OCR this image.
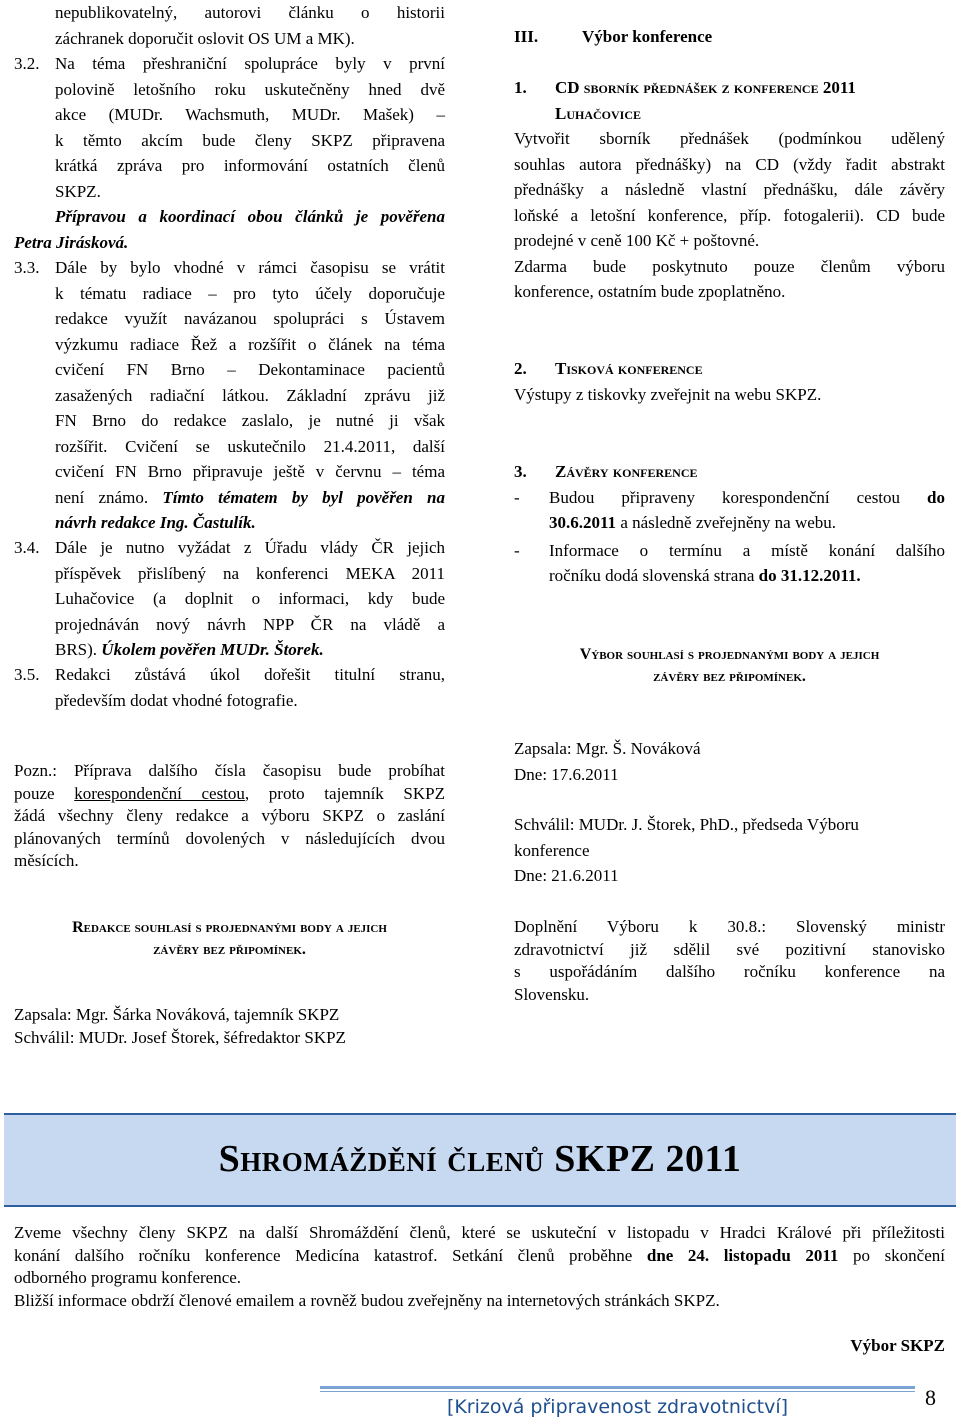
nepublikovatelný, autorovi článku o historii
záchranek doporučit oslovit OS UM a MK).
3.2. Na téma přeshraniční spolupráce byly v první
polovině letošního roku uskutečněny hned dvě
akce (MUDr. Wachsmuth, MUDr. Mašek) –
k těmto akcím bude členy SKPZ připravena
krátká zpráva pro informování ostatních členů
SKPZ.
Přípravou a koordinací obou článků je pověřena
Petra Jirásková.
3.3. Dále by bylo vhodné v rámci časopisu se vrátit
k tématu radiace – pro tyto účely doporučuje
redakce využít navázanou spolupráci s Ústavem
výzkumu radiace Řež a rozšířit o článek na téma
cvičení FN Brno – Dekontaminace pacientů
zasažených radiační látkou. Základní zprávu již
FN Brno do redakce zaslalo, je nutné ji však
rozšířit. Cvičení se uskutečnilo 21.4.2011, další
cvičení FN Brno připravuje ještě v červnu – téma
není známo. Tímto tématem by byl pověřen na
návrh redakce Ing. Častulík.
3.4. Dále je nutno vyžádat z Úřadu vlády ČR jejich
příspěvek přislíbený na konferenci MEKA 2011
Luhačovice (a doplnit o informaci, kdy bude
projednáván nový návrh NPP ČR na vládě a
BRS). Úkolem pověřen MUDr. Štorek.
3.5. Redakci zůstává úkol dořešit titulní stranu,
především dodat vhodné fotografie.
Pozn.: Příprava dalšího čísla časopisu bude probíhat
pouze korespondenční cestou, proto tajemník SKPZ
žádá všechny členy redakce a výboru SKPZ o zaslání
plánovaných termínů dovolených v následujících dvou
měsících.
Redakce souhlasí s projednanými body a jejich
závěry bez připomínek.
Zapsala: Mgr. Šárka Nováková, tajemník SKPZ
Schválil: MUDr. Josef Štorek, šéfredaktor SKPZ
III.	Výbor konference
1. CD sborník přednášek z konference 2011
Luhačovice
Vytvořit sborník přednášek (podmínkou udělený
souhlas autora přednášky) na CD (vždy řadit abstrakt
přednášky a následně vlastní přednášku, dále závěry
loňské a letošní konference, příp. fotogalerii). CD bude
prodejné v ceně 100 Kč + poštovné.
Zdarma bude poskytnuto pouze členům výboru
konference, ostatním bude zpoplatněno.
2. Tisková konference
Výstupy z tiskovky zveřejnit na webu SKPZ.
3. Závěry konference
- Budou připraveny korespondenční cestou do
30.6.2011 a následně zveřejněny na webu.
- Informace o termínu a místě konání dalšího
ročníku dodá slovenská strana do 31.12.2011.
Výbor souhlasí s projednanými body a jejich
závěry bez připomínek.
Zapsala: Mgr. Š. Nováková
Dne: 17.6.2011
Schválil: MUDr. J. Štorek, PhD., předseda Výboru
konference
Dne: 21.6.2011
Doplnění Výboru k 30.8.: Slovenský ministr
zdravotnictví již sdělil své pozitivní stanovisko
s uspořádáním dalšího ročníku konference na
Slovensku.
Shromáždění členů SKPZ 2011
Zveme všechny členy SKPZ na další Shromáždění členů, které se uskuteční v listopadu v Hradci Králové při příležitosti
konání dalšího ročníku konference Medicína katastrof. Setkání členů proběhne dne 24. listopadu 2011 po skončení
odborného programu konference.
Bližší informace obdrží členové emailem a rovněž budou zveřejněny na internetových stránkách SKPZ.
Výbor SKPZ
[Krizová připravenost zdravotnictví]	8
